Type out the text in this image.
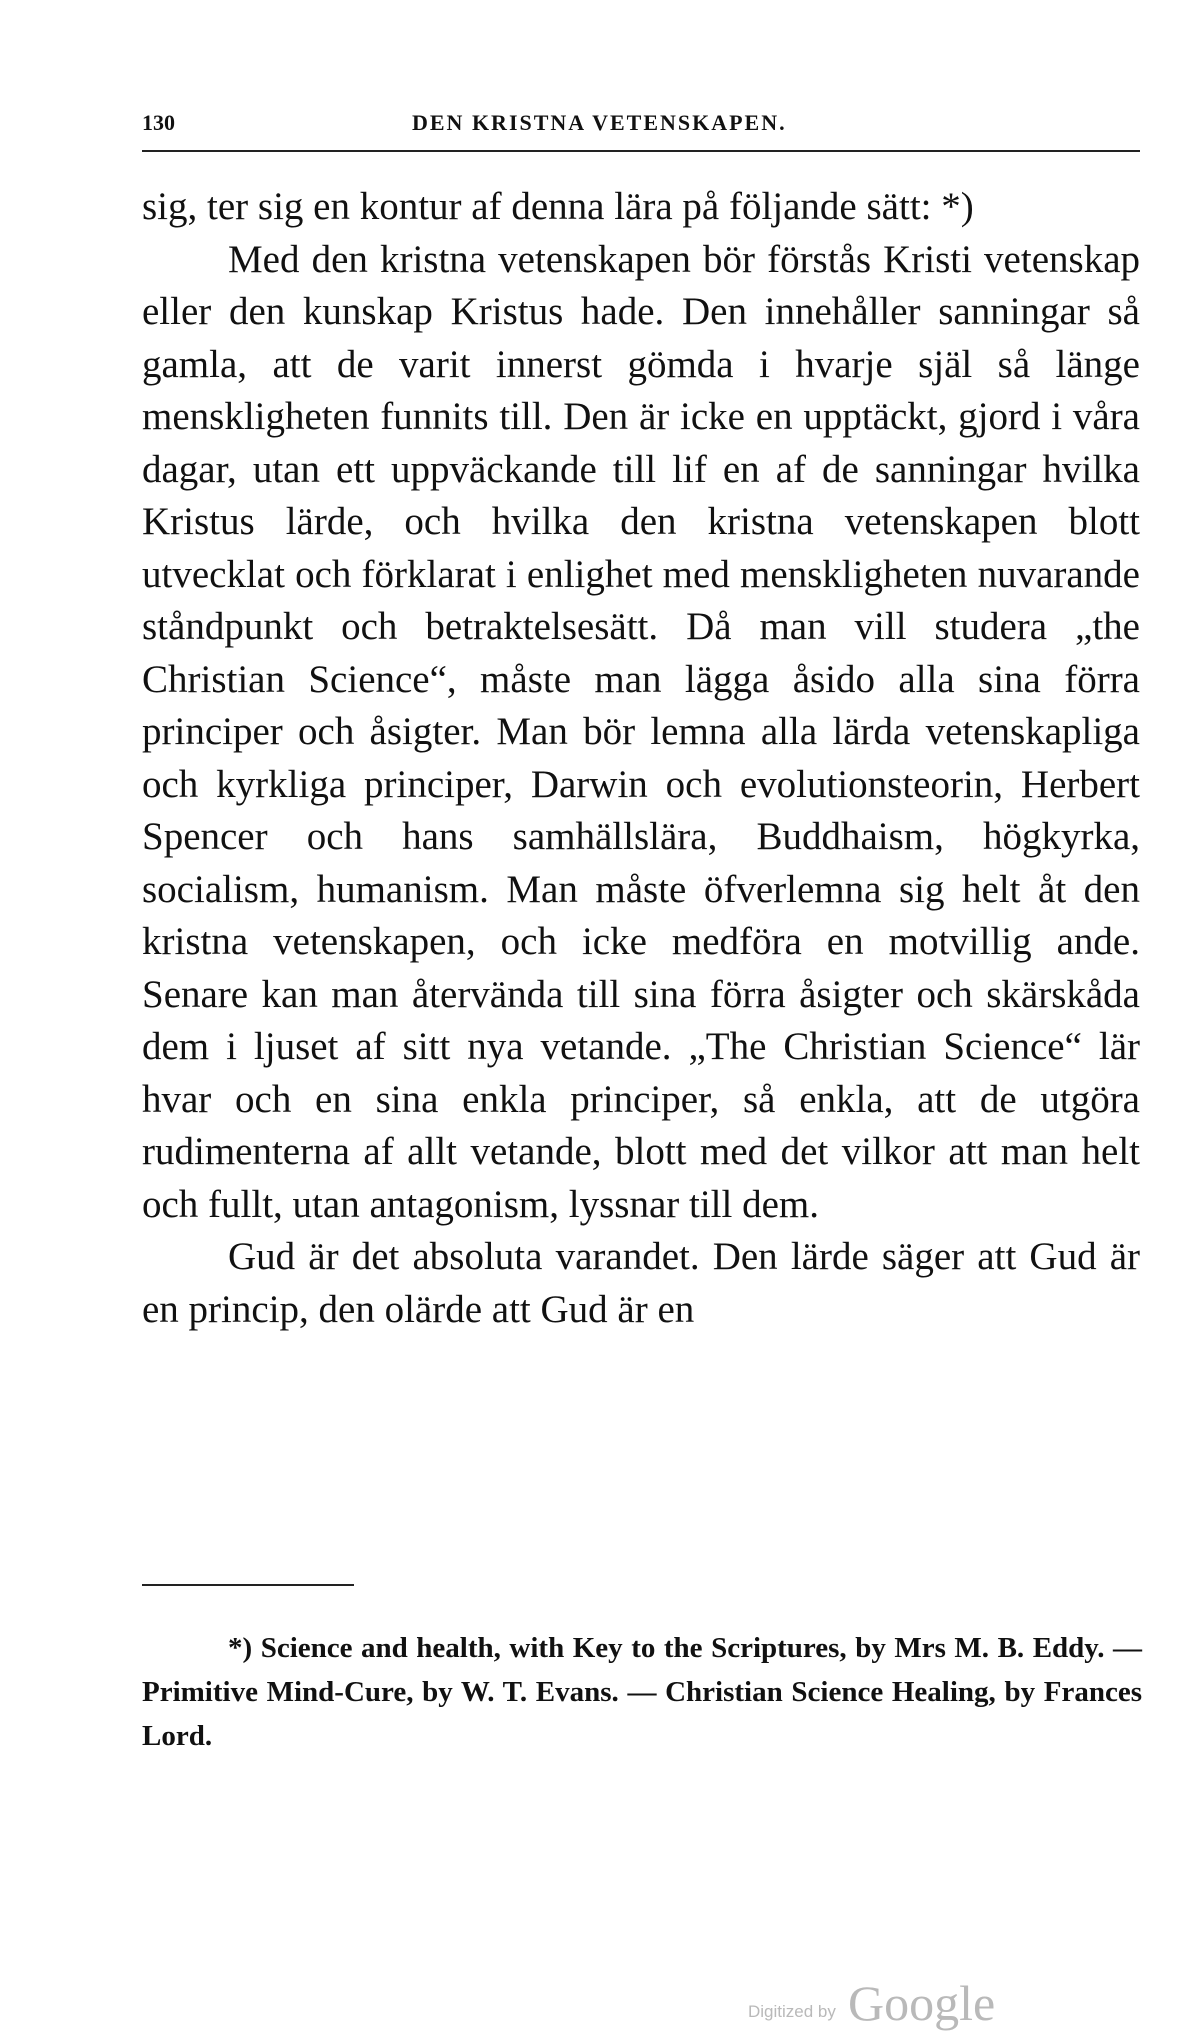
130	DEN KRISTNA VETENSKAPEN.

sig, ter sig en kontur af denna lära på följande sätt: *)

Med den kristna vetenskapen bör förstås Kristi vetenskap eller den kunskap Kristus hade. Den innehåller sanningar så gamla, att de varit innerst gömda i hvarje själ så länge menskligheten funnits till. Den är icke en upptäckt, gjord i våra dagar, utan ett uppväckande till lif en af de sanningar hvilka Kristus lärde, och hvilka den kristna vetenskapen blott utvecklat och förklarat i enlighet med menskligheten nuvarande ståndpunkt och betraktelsesätt. Då man vill studera „the Christian Science“, måste man lägga åsido alla sina förra principer och åsigter. Man bör lemna alla lärda vetenskapliga och kyrkliga principer, Darwin och evolutionsteorin, Herbert Spencer och hans samhällslära, Buddhaism, högkyrka, socialism, humanism. Man måste öfverlemna sig helt åt den kristna vetenskapen, och icke medföra en motvillig ande. Senare kan man återvända till sina förra åsigter och skärskåda dem i ljuset af sitt nya vetande. „The Christian Science“ lär hvar och en sina enkla principer, så enkla, att de utgöra rudimenterna af allt vetande, blott med det vilkor att man helt och fullt, utan antagonism, lyssnar till dem.

Gud är det absoluta varandet. Den lärde säger att Gud är en princip, den olärde att Gud är en

*) Science and health, with Key to the Scriptures, by Mrs M. B. Eddy. — Primitive Mind-Cure, by W. T. Evans. — Christian Science Healing, by Frances Lord.

Digitized by Google
